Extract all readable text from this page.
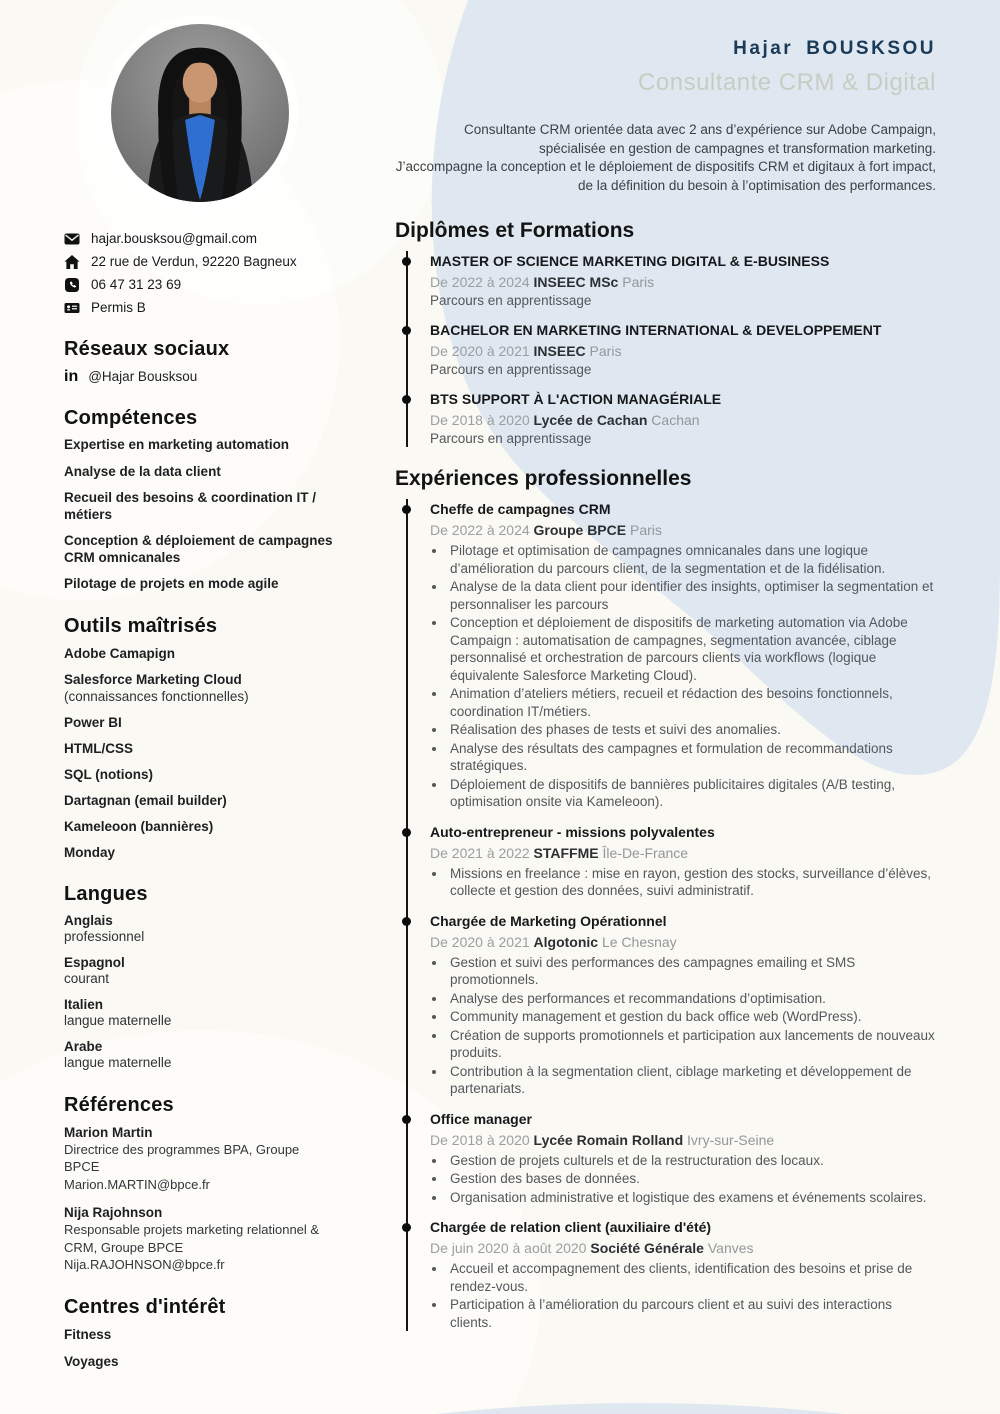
hajar.bousksou@gmail.com
22 rue de Verdun, 92220 Bagneux
06 47 31 23 69
Permis B
Réseaux sociaux
in @Hajar Bousksou
Compétences
Expertise en marketing automation
Analyse de la data client
Recueil des besoins & coordination IT / métiers
Conception & déploiement de campagnes CRM omnicanales
Pilotage de projets en mode agile
Outils maîtrisés
Adobe Camapign
Salesforce Marketing Cloud
(connaissances fonctionnelles)
Power BI
HTML/CSS
SQL (notions)
Dartagnan (email builder)
Kameleoon (bannières)
Monday
Langues
Anglais
professionnel
Espagnol
courant
Italien
langue maternelle
Arabe
langue maternelle
Références
Marion Martin
Directrice des programmes BPA, Groupe BPCE
Marion.MARTIN@bpce.fr
Nija Rajohnson
Responsable projets marketing relationnel & CRM, Groupe BPCE
Nija.RAJOHNSON@bpce.fr
Centres d'intérêt
Fitness
Voyages
Hajar BOUSKSOU
Consultante CRM & Digital

Consultante CRM orientée data avec 2 ans d’expérience sur Adobe Campaign, spécialisée en gestion de campagnes et transformation marketing.

J’accompagne la conception et le déploiement de dispositifs CRM et digitaux à fort impact, de la définition du besoin à l’optimisation des performances.

Diplômes et Formations
MASTER OF SCIENCE MARKETING DIGITAL & E-BUSINESS

De 2022 à 2024 INSEEC MSc Paris

Parcours en apprentissage
BACHELOR EN MARKETING INTERNATIONAL & DEVELOPPEMENT

De 2020 à 2021 INSEEC Paris

Parcours en apprentissage
BTS SUPPORT À L'ACTION MANAGÉRIALE

De 2018 à 2020 Lycée de Cachan Cachan

Parcours en apprentissage
Expériences professionnelles
Cheffe de campagnes CRM

De 2022 à 2024 Groupe BPCE Paris

• Pilotage et optimisation de campagnes omnicanales dans une logique d’amélioration du parcours client, de la segmentation et de la fidélisation.
• Analyse de la data client pour identifier des insights, optimiser la segmentation et personnaliser les parcours
• Conception et déploiement de dispositifs de marketing automation via Adobe Campaign : automatisation de campagnes, segmentation avancée, ciblage personnalisé et orchestration de parcours clients via workflows (logique équivalente Salesforce Marketing Cloud).
• Animation d’ateliers métiers, recueil et rédaction des besoins fonctionnels, coordination IT/métiers.
• Réalisation des phases de tests et suivi des anomalies.
• Analyse des résultats des campagnes et formulation de recommandations stratégiques.
• Déploiement de dispositifs de bannières publicitaires digitales (A/B testing, optimisation onsite via Kameleoon).
Auto-entrepreneur - missions polyvalentes

De 2021 à 2022 STAFFME Île-De-France

• Missions en freelance : mise en rayon, gestion des stocks, surveillance d’élèves, collecte et gestion des données, suivi administratif.
Chargée de Marketing Opérationnel

De 2020 à 2021 Algotonic Le Chesnay

• Gestion et suivi des performances des campagnes emailing et SMS promotionnels.
• Analyse des performances et recommandations d’optimisation.
• Community management et gestion du back office web (WordPress).
• Création de supports promotionnels et participation aux lancements de nouveaux produits.
• Contribution à la segmentation client, ciblage marketing et développement de partenariats.
Office manager

De 2018 à 2020 Lycée Romain Rolland Ivry-sur-Seine

• Gestion de projets culturels et de la restructuration des locaux.
• Gestion des bases de données.
• Organisation administrative et logistique des examens et événements scolaires.
Chargée de relation client (auxiliaire d'été)

De juin 2020 à août 2020 Société Générale Vanves

• Accueil et accompagnement des clients, identification des besoins et prise de rendez-vous.
• Participation à l’amélioration du parcours client et au suivi des interactions clients.
